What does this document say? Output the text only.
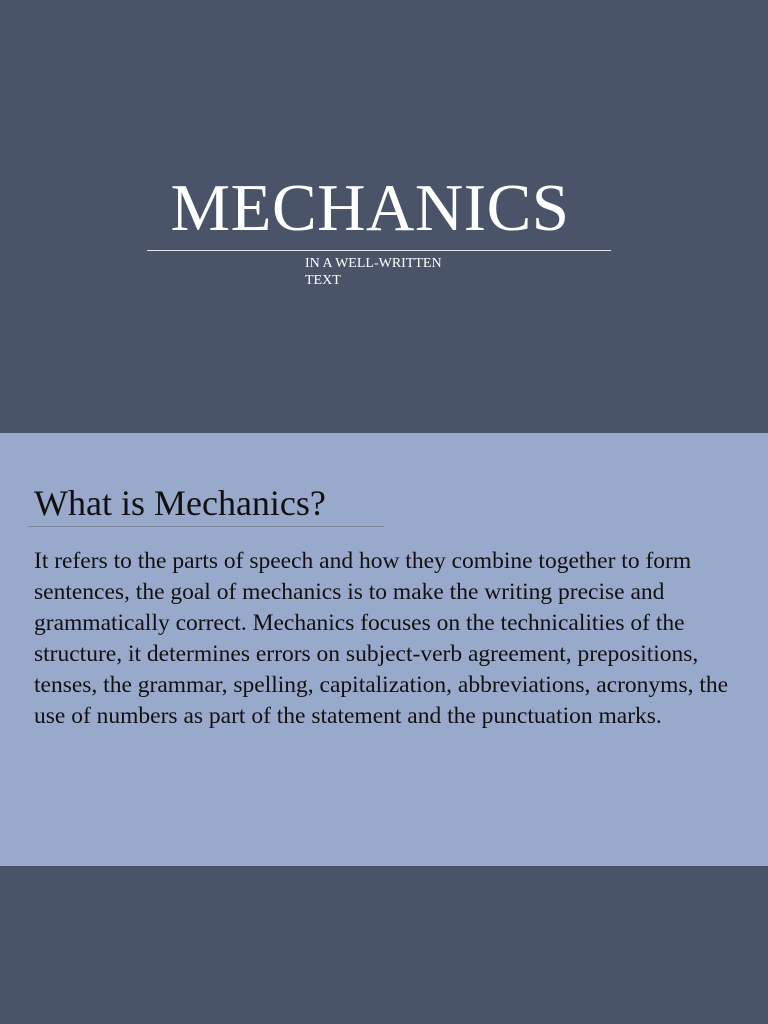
MECHANICS

IN A WELL-WRITTEN TEXT

What is Mechanics?

It refers to the parts of speech and how they combine together to form sentences, the goal of mechanics is to make the writing precise and grammatically correct. Mechanics focuses on the technicalities of the structure, it determines errors on subject-verb agreement, prepositions, tenses, the grammar, spelling, capitalization, abbreviations, acronyms, the use of numbers as part of the statement and the punctuation marks.
